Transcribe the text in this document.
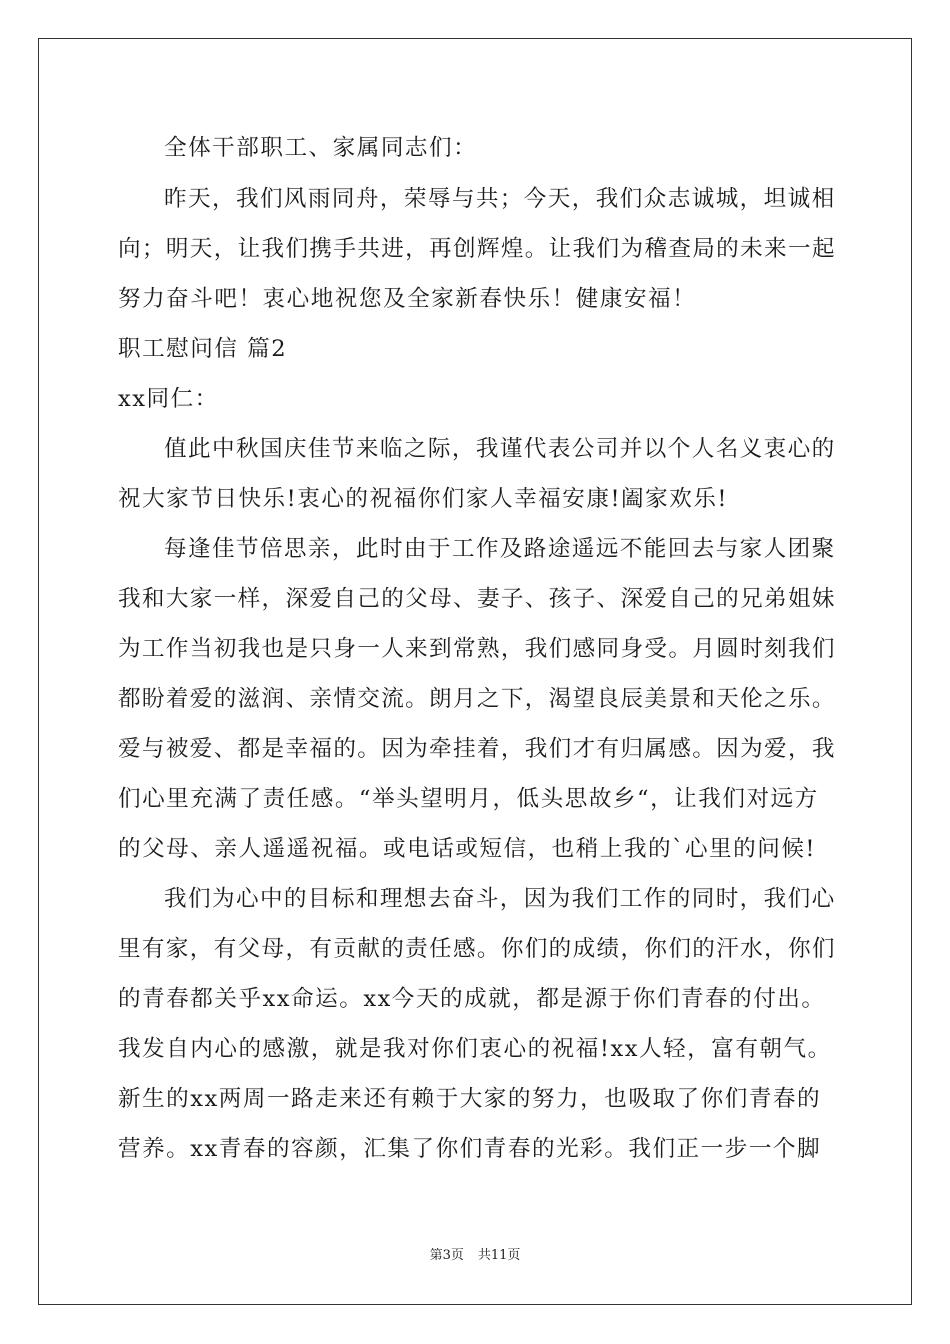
全体干部职工、家属同志们：
昨天，我们风雨同舟，荣辱与共；今天，我们众志诚城，坦诚相
向；明天，让我们携手共进，再创辉煌。让我们为稽查局的未来一起
努力奋斗吧！衷心地祝您及全家新春快乐！健康安福！
职工慰问信 篇2
xx同仁：
值此中秋国庆佳节来临之际，我谨代表公司并以个人名义衷心的
祝大家节日快乐!衷心的祝福你们家人幸福安康!阖家欢乐!
每逢佳节倍思亲，此时由于工作及路途遥远不能回去与家人团聚
我和大家一样，深爱自己的父母、妻子、孩子、深爱自己的兄弟姐妹
为工作当初我也是只身一人来到常熟，我们感同身受。月圆时刻我们
都盼着爱的滋润、亲情交流。朗月之下，渴望良辰美景和天伦之乐。
爱与被爱、都是幸福的。因为牵挂着，我们才有归属感。因为爱，我
们心里充满了责任感。“举头望明月，低头思故乡“，让我们对远方
的父母、亲人遥遥祝福。或电话或短信，也稍上我的`心里的问候!
我们为心中的目标和理想去奋斗，因为我们工作的同时，我们心
里有家，有父母，有贡献的责任感。你们的成绩，你们的汗水，你们
的青春都关乎xx命运。xx今天的成就，都是源于你们青春的付出。
我发自内心的感激，就是我对你们衷心的祝福!xx人轻，富有朝气。
新生的xx两周一路走来还有赖于大家的努力，也吸取了你们青春的
营养。xx青春的容颜，汇集了你们青春的光彩。我们正一步一个脚
第3页 共11页
